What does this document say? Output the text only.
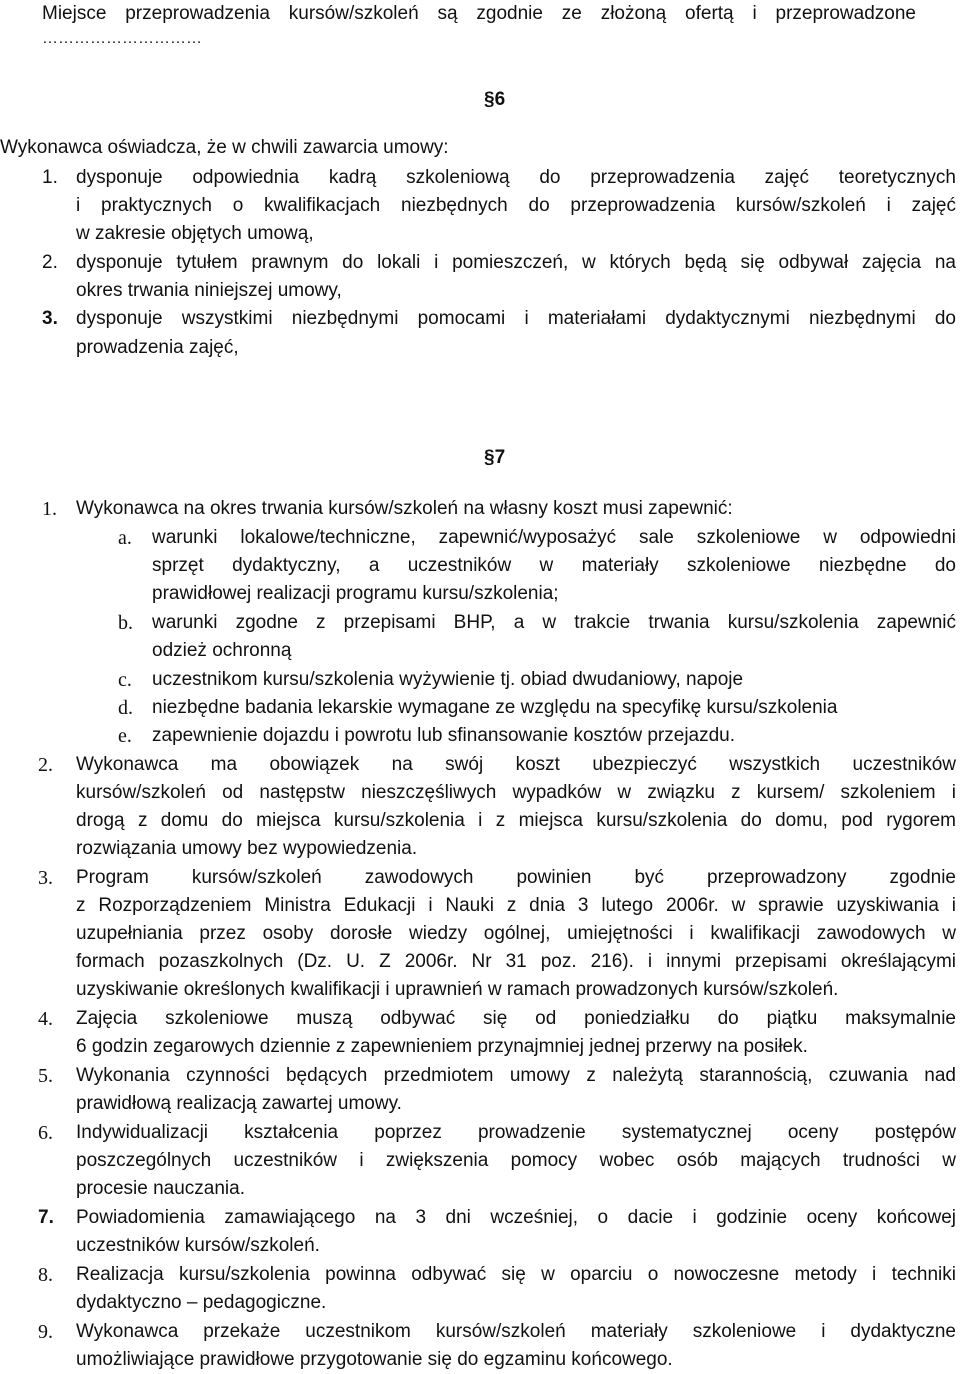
Miejsce przeprowadzenia kursów/szkoleń są zgodnie ze złożoną ofertą i przeprowadzone
…………………………
§6
Wykonawca oświadcza, że w chwili zawarcia umowy:
1. dysponuje odpowiednia kadrą szkoleniową do przeprowadzenia zajęć teoretycznych
i praktycznych o kwalifikacjach niezbędnych do przeprowadzenia kursów/szkoleń i zajęć
w zakresie objętych umową,
2. dysponuje tytułem prawnym do lokali i pomieszczeń, w których będą się odbywał zajęcia na
okres trwania niniejszej umowy,
3. dysponuje wszystkimi niezbędnymi pomocami i materiałami dydaktycznymi niezbędnymi do
prowadzenia zajęć,
§7
1. Wykonawca na okres trwania kursów/szkoleń na własny koszt musi zapewnić:
a. warunki lokalowe/techniczne, zapewnić/wyposażyć sale szkoleniowe w odpowiedni
sprzęt dydaktyczny, a uczestników w materiały szkoleniowe niezbędne do
prawidłowej realizacji programu kursu/szkolenia;
b. warunki zgodne z przepisami BHP, a w trakcie trwania kursu/szkolenia zapewnić
odzież ochronną
c. uczestnikom kursu/szkolenia wyżywienie tj. obiad dwudaniowy, napoje
d. niezbędne badania lekarskie wymagane ze względu na specyfikę kursu/szkolenia
e. zapewnienie dojazdu i powrotu lub sfinansowanie kosztów przejazdu.
2. Wykonawca ma obowiązek na swój koszt ubezpieczyć wszystkich uczestników
kursów/szkoleń od następstw nieszczęśliwych wypadków w związku z kursem/ szkoleniem i
drogą z domu do miejsca kursu/szkolenia i z miejsca kursu/szkolenia do domu, pod rygorem
rozwiązania umowy bez wypowiedzenia.
3. Program kursów/szkoleń zawodowych powinien być przeprowadzony zgodnie
z Rozporządzeniem Ministra Edukacji i Nauki z dnia 3 lutego 2006r. w sprawie uzyskiwania i
uzupełniania przez osoby dorosłe wiedzy ogólnej, umiejętności i kwalifikacji zawodowych w
formach pozaszkolnych (Dz. U. Z 2006r. Nr 31 poz. 216). i innymi przepisami określającymi
uzyskiwanie określonych kwalifikacji i uprawnień w ramach prowadzonych kursów/szkoleń.
4. Zajęcia szkoleniowe muszą odbywać się od poniedziałku do piątku maksymalnie
6 godzin zegarowych dziennie z zapewnieniem przynajmniej jednej przerwy na posiłek.
5. Wykonania czynności będących przedmiotem umowy z należytą starannością, czuwania nad
prawidłową realizacją zawartej umowy.
6. Indywidualizacji kształcenia poprzez prowadzenie systematycznej oceny postępów
poszczególnych uczestników i zwiększenia pomocy wobec osób mających trudności w
procesie nauczania.
7. Powiadomienia zamawiającego na 3 dni wcześniej, o dacie i godzinie oceny końcowej
uczestników kursów/szkoleń.
8. Realizacja kursu/szkolenia powinna odbywać się w oparciu o nowoczesne metody i techniki
dydaktyczno – pedagogiczne.
9. Wykonawca przekaże uczestnikom kursów/szkoleń materiały szkoleniowe i dydaktyczne
umożliwiające prawidłowe przygotowanie się do egzaminu końcowego.
